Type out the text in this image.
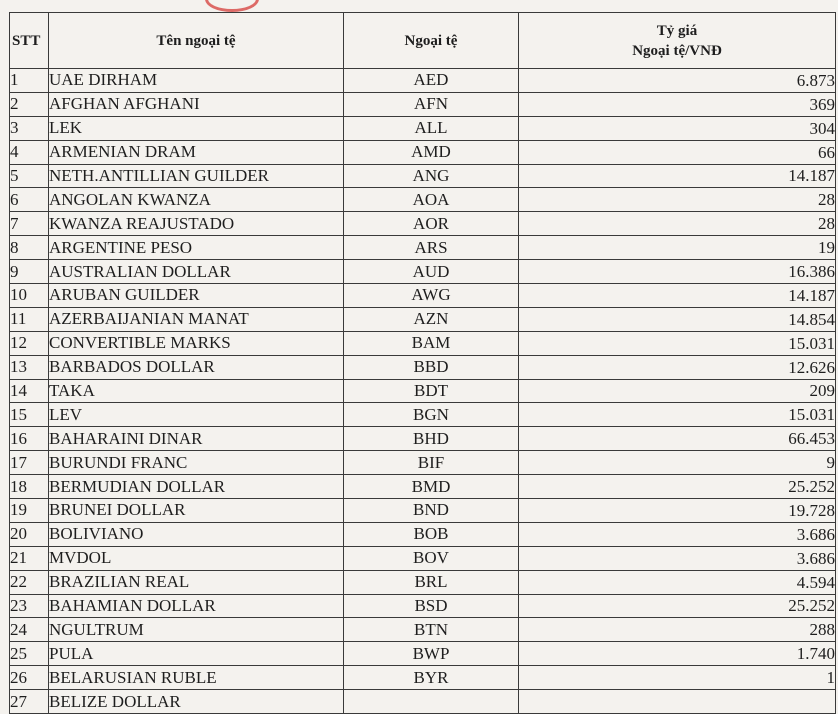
STT	Tên ngoại tệ	Ngoại tệ	Tỷ giá
Ngoại tệ/VNĐ

1	UAE DIRHAM	AED	6.873
2	AFGHAN AFGHANI	AFN	369
3	LEK	ALL	304
4	ARMENIAN DRAM	AMD	66
5	NETH.ANTILLIAN GUILDER	ANG	14.187
6	ANGOLAN KWANZA	AOA	28
7	KWANZA REAJUSTADO	AOR	28
8	ARGENTINE PESO	ARS	19
9	AUSTRALIAN DOLLAR	AUD	16.386
10	ARUBAN GUILDER	AWG	14.187
11	AZERBAIJANIAN MANAT	AZN	14.854
12	CONVERTIBLE MARKS	BAM	15.031
13	BARBADOS DOLLAR	BBD	12.626
14	TAKA	BDT	209
15	LEV	BGN	15.031
16	BAHARAINI DINAR	BHD	66.453
17	BURUNDI FRANC	BIF	9
18	BERMUDIAN DOLLAR	BMD	25.252
19	BRUNEI DOLLAR	BND	19.728
20	BOLIVIANO	BOB	3.686
21	MVDOL	BOV	3.686
22	BRAZILIAN REAL	BRL	4.594
23	BAHAMIAN DOLLAR	BSD	25.252
24	NGULTRUM	BTN	288
25	PULA	BWP	1.740
26	BELARUSIAN RUBLE	BYR	1
27	BELIZE DOLLAR		
